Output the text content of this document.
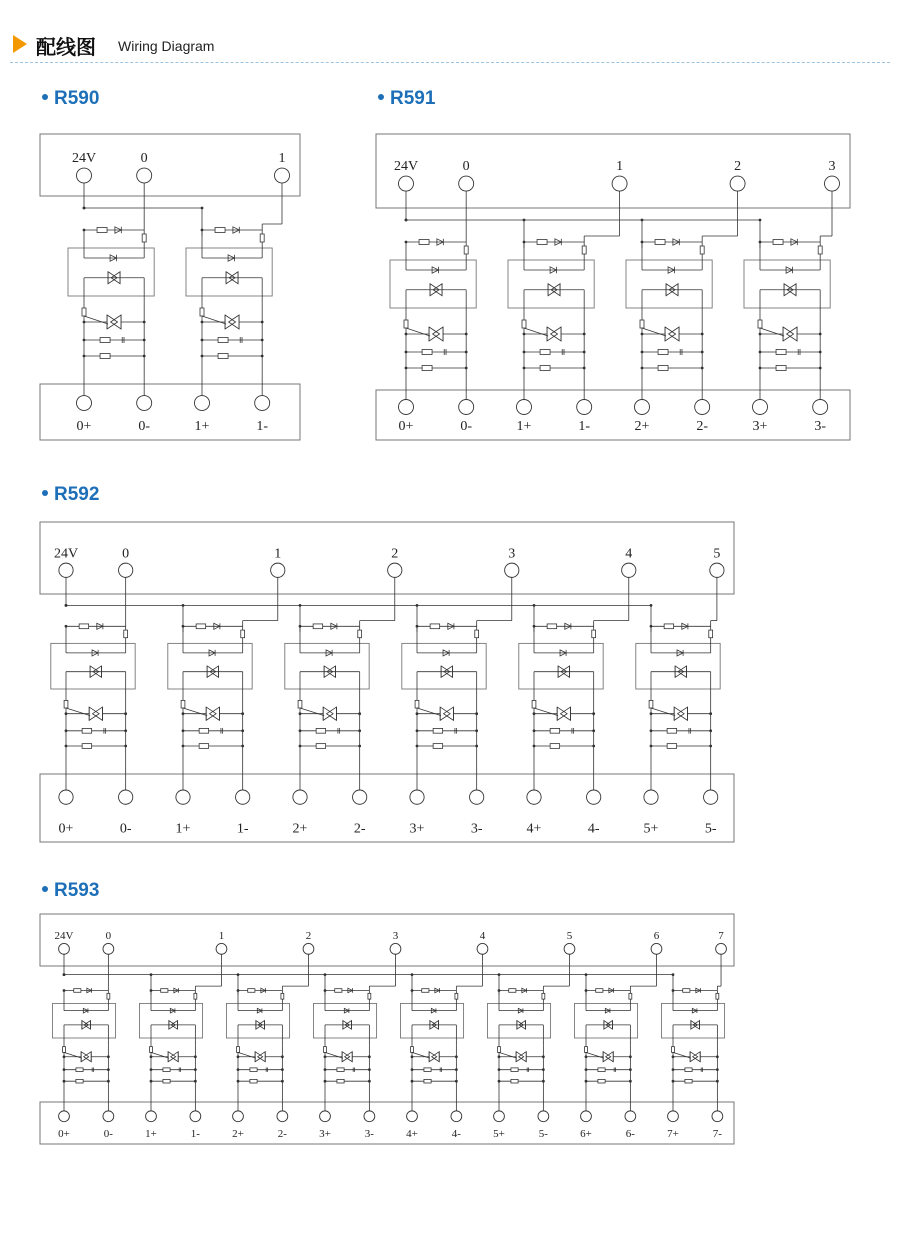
配线图 Wiring Diagram
R590	R591
R592
R593
24V	0	1
0+	0-	1+	1-
24V	0	1	2	3
0+	0-	1+	1-	2+	2-	3+	3-
24V	0	1	2	3	4	5
0+	0-	1+	1-	2+	2-	3+	3-	4+	4-	5+	5-
24V	0	1	2	3	4	5	6	7
0+	0-	1+	1-	2+	2-	3+	3-	4+	4-	5+	5-	6+	6-	7+	7-
